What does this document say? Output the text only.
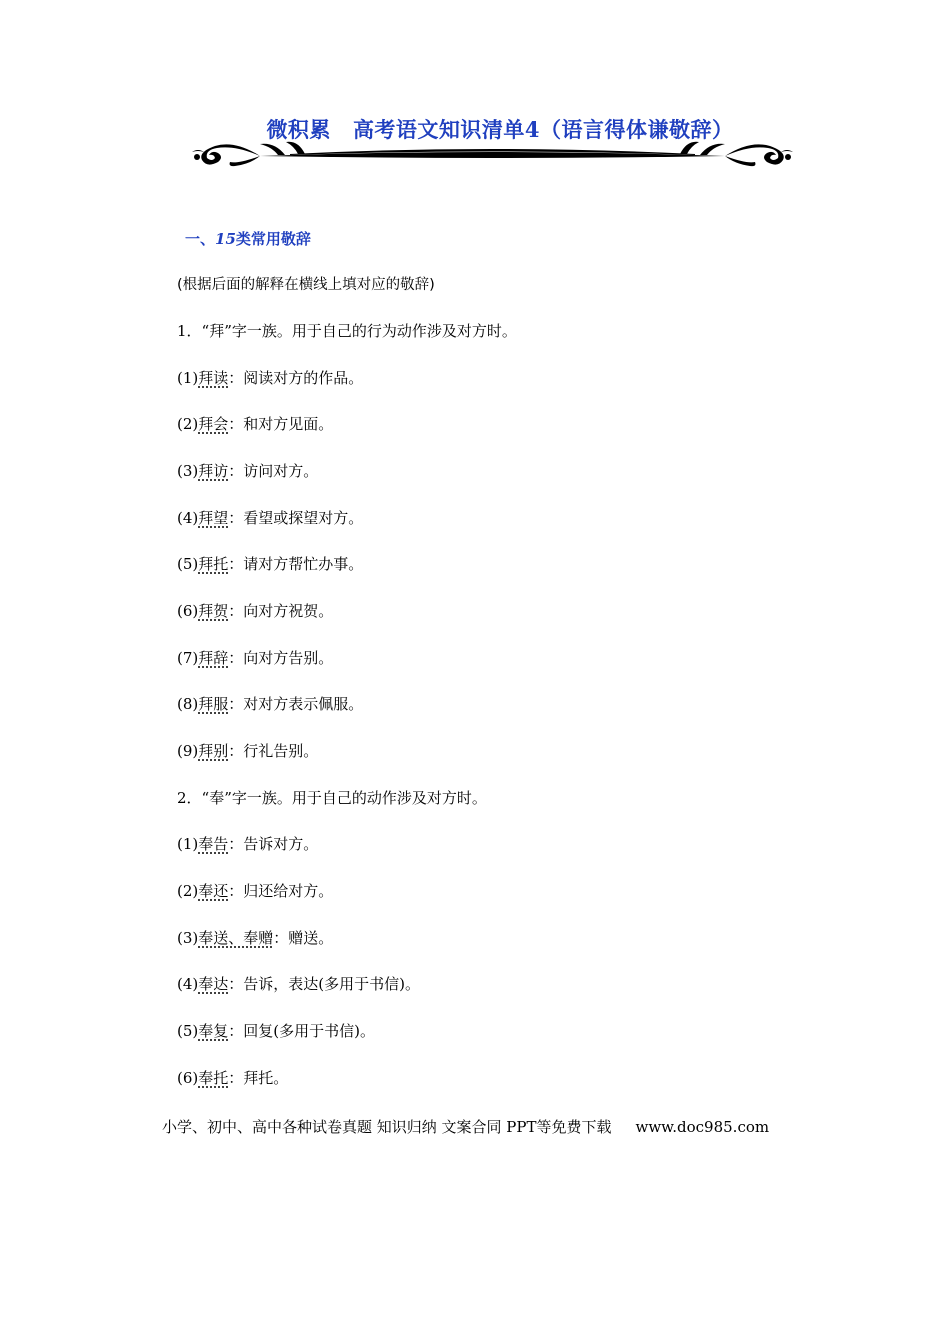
微积累 高考语文知识清单4（语言得体谦敬辞）
一、15类常用敬辞
(根据后面的解释在横线上填对应的敬辞)
1．“拜”字一族。用于自己的行为动作涉及对方时。
(1)拜读：阅读对方的作品。
(2)拜会：和对方见面。
(3)拜访：访问对方。
(4)拜望：看望或探望对方。
(5)拜托：请对方帮忙办事。
(6)拜贺：向对方祝贺。
(7)拜辞：向对方告别。
(8)拜服：对对方表示佩服。
(9)拜别：行礼告别。
2．“奉”字一族。用于自己的动作涉及对方时。
(1)奉告：告诉对方。
(2)奉还：归还给对方。
(3)奉送、奉赠：赠送。
(4)奉达：告诉，表达(多用于书信)。
(5)奉复：回复(多用于书信)。
(6)奉托：拜托。
小学、初中、高中各种试卷真题 知识归纳 文案合同 PPT等免费下载 www.doc985.com
